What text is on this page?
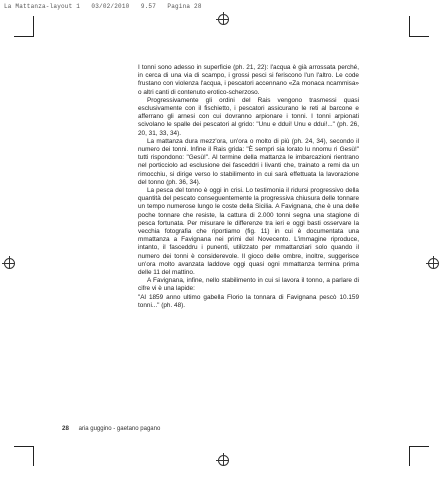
La Mattanza-layout 1   03/02/2010   9.57   Pagina 28

I tonni sono adesso in superficie (ph. 21, 22): l'acqua è già arrossata perché, in cerca di una via di scampo, i grossi pesci si feriscono l'un l'altro. Le code frustano con violenza l'acqua, i pescatori accennano «Za monaca ncammisa» o altri canti di contenuto erotico-scherzoso.

Progressivamente gli ordini del Rais vengono trasmessi quasi esclusivamente con il fischietto, i pescatori assicurano le reti al barcone e afferrano gli arnesi con cui dovranno arpionare i tonni. I tonni arpionati scivolano le spalle dei pescatori al grido: "Unu e ddui! Unu e ddui!..." (ph. 26, 20, 31, 33, 34).

La mattanza dura mezz'ora, un'ora o molto di più (ph. 24, 34), secondo il numero dei tonni. Infine il Rais grida: "È sempri sia lorato lu nnomu ri Gesù!" tutti rispondono: "Gesù!". Al termine della mattanza le imbarcazioni rientrano nel porticciolo ad esclusione dei fasceddri i livanti che, trainato a remi da un rimocchiu, si dirige verso lo stabilimento in cui sarà effettuata la lavorazione del tonno (ph. 36, 34).

La pesca del tonno è oggi in crisi. Lo testimonia il ridursi progressivo della quantità del pescato conseguentemente la progressiva chiusura delle tonnare un tempo numerose lungo le coste della Sicilia. A Favignana, che è una delle poche tonnare che resiste, la cattura di 2.000 tonni segna una stagione di pesca fortunata. Per misurare le differenze tra ieri e oggi basti osservare la vecchia fotografia che riportiamo (fig. 11) in cui è documentata una mmattanza a Favignana nei primi del Novecento. L'immagine riproduce, intanto, il fasceddru i punenti, utilizzato per mmattanziari solo quando il numero dei tonni è considerevole. Il gioco delle ombre, inoltre, suggerisce un'ora molto avanzata laddove oggi quasi ogni mmattanza termina prima delle 11 del mattino.

A Favignana, infine, nello stabilimento in cui si lavora il tonno, a parlare di cifre vi è una lapide:

"Al 1859 anno ultimo gabella Florio la tonnara di Favignana pescò 10.159 tonni..." (ph. 48).

28 aria guggino - gaetano pagano
